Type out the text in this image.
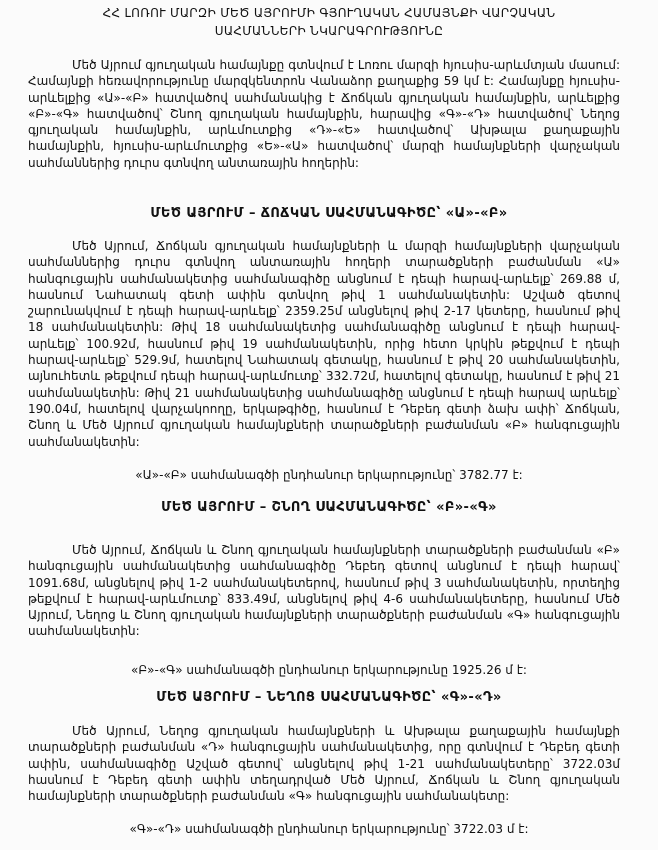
ՀՀ ԼՈՌՈՒ ՄԱՐԶԻ ՄԵԾ ԱՅՐՈՒՄԻ ԳՅՈՒՂԱԿԱՆ ՀԱՄԱՅՆՔԻ ՎԱՐՉԱԿԱՆ
ՍԱՀՄԱՆՆԵՐԻ ՆԿԱՐԱԳՐՈՒԹՅՈՒՆԸ
Մեծ Այրում գյուղական համայնքը գտնվում է Լոռու մարզի հյուսիս-արևմտյան մասում: Համայնքի հեռավորությունը մարզկենտրոն Վանաձոր քաղաքից 59 կմ է: Համայնքը հյուսիս-արևելքից «Ա»-«Բ» հատվածով սահմանակից է Ճոճկան գյուղական համայնքին, արևելքից «Բ»-«Գ» հատվածով՝ Շնող գյուղական համայնքին, հարավից «Գ»-«Դ» հատվածով՝ Նեղոց գյուղական համայնքին, արևմուտքից «Դ»-«Ե» հատվածով՝ Ախթալա քաղաքային համայնքին, հյուսիս-արևմուտքից «Ե»-«Ա» հատվածով՝ մարզի համայնքների վարչական սահմաններից դուրս գտնվող անտառային հողերին:
ՄԵԾ ԱՅՐՈՒՄ – ՃՈՃԿԱՆ ՍԱՀՄԱՆԱԳԻԾԸ՝ «Ա»-«Բ»
Մեծ Այրում, Ճոճկան գյուղական համայնքների և մարզի համայնքների վարչական սահմաններից դուրս գտնվող անտառային հողերի տարածքների բաժանման «Ա» հանգուցային սահմանակետից սահմանագիծը անցնում է դեպի հարավ-արևելք՝ 269.88 մ, հասնում Նահատակ գետի ափին գտնվող թիվ 1 սահմանակետին: Աշված գետով շարունակվում է դեպի հարավ-արևելք՝ 2359.25մ անցնելով թիվ 2-17 կետերը, հասնում թիվ 18 սահմանակետին: Թիվ 18 սահմանակետից սահմանագիծը անցնում է դեպի հարավ-արևելք՝ 100.92մ, հասնում թիվ 19 սահմանակետին, որից հետո կրկին թեքվում է դեպի հարավ-արևելք՝ 529.9մ, հատելով Նահատակ գետակը, հասնում է թիվ 20 սահմանակետին, այնուհետև թեքվում դեպի հարավ-արևմուտք՝ 332.72մ, հատելով գետակը, հասնում է թիվ 21 սահմանակետին: Թիվ 21 սահմանակետից սահմանագիծը անցնում է դեպի հարավ արևելք՝ 190.04մ, հատելով վարչակոողը, երկաթգիծը, հասնում է Դեբեդ գետի ձախ ափի՝ Ճոճկան, Շնող և Մեծ Այրում գյուղական համայնքների տարածքների բաժանման «Բ» հանգուցային սահմանակետին:
«Ա»-«Բ» սահմանագծի ընդհանուր երկարությունը՝ 3782.77 է:
ՄԵԾ ԱՅՐՈՒՄ – ՇՆՈՂ ՍԱՀՄԱՆԱԳԻԾԸ՝ «Բ»-«Գ»
Մեծ Այրում, Ճոճկան և Շնող գյուղական համայնքների տարածքների բաժանման «Բ» հանգուցային սահմանակետից սահմանագիծը Դեբեդ գետով անցնում է դեպի հարավ՝ 1091.68մ, անցնելով թիվ 1-2 սահմանակետերով, հասնում թիվ 3 սահմանակետին, որտեղից թեքվում է հարավ-արևմուտք՝ 833.49մ, անցնելով թիվ 4-6 սահմանակետերը, հասնում Մեծ Այրում, Նեղոց և Շնող գյուղական համայնքների տարածքների բաժանման «Գ» հանգուցային սահմանակետին:
«Բ»-«Գ» սահմանագծի ընդհանուր երկարությունը 1925.26 մ է:
ՄԵԾ ԱՅՐՈՒՄ – ՆԵՂՈՑ ՍԱՀՄԱՆԱԳԻԾԸ՝ «Գ»-«Դ»
Մեծ Այրում, Նեղոց գյուղական համայնքների և Ախթալա քաղաքային համայնքի տարածքների բաժանման «Դ» հանգուցային սահմանակետից, որը գտնվում է Դեբեդ գետի ափին, սահմանագիծը Աշված գետով՝ անցնելով թիվ 1-21 սահմանակետերը՝ 3722.03մ հասնում է Դեբեդ գետի ափին տեղադրված Մեծ Այրում, Ճոճկան և Շնող գյուղական համայնքների տարածքների բաժանման «Գ» հանգուցային սահմանակետը:
«Գ»-«Դ» սահմանագծի ընդհանուր երկարությունը՝ 3722.03 մ է:
